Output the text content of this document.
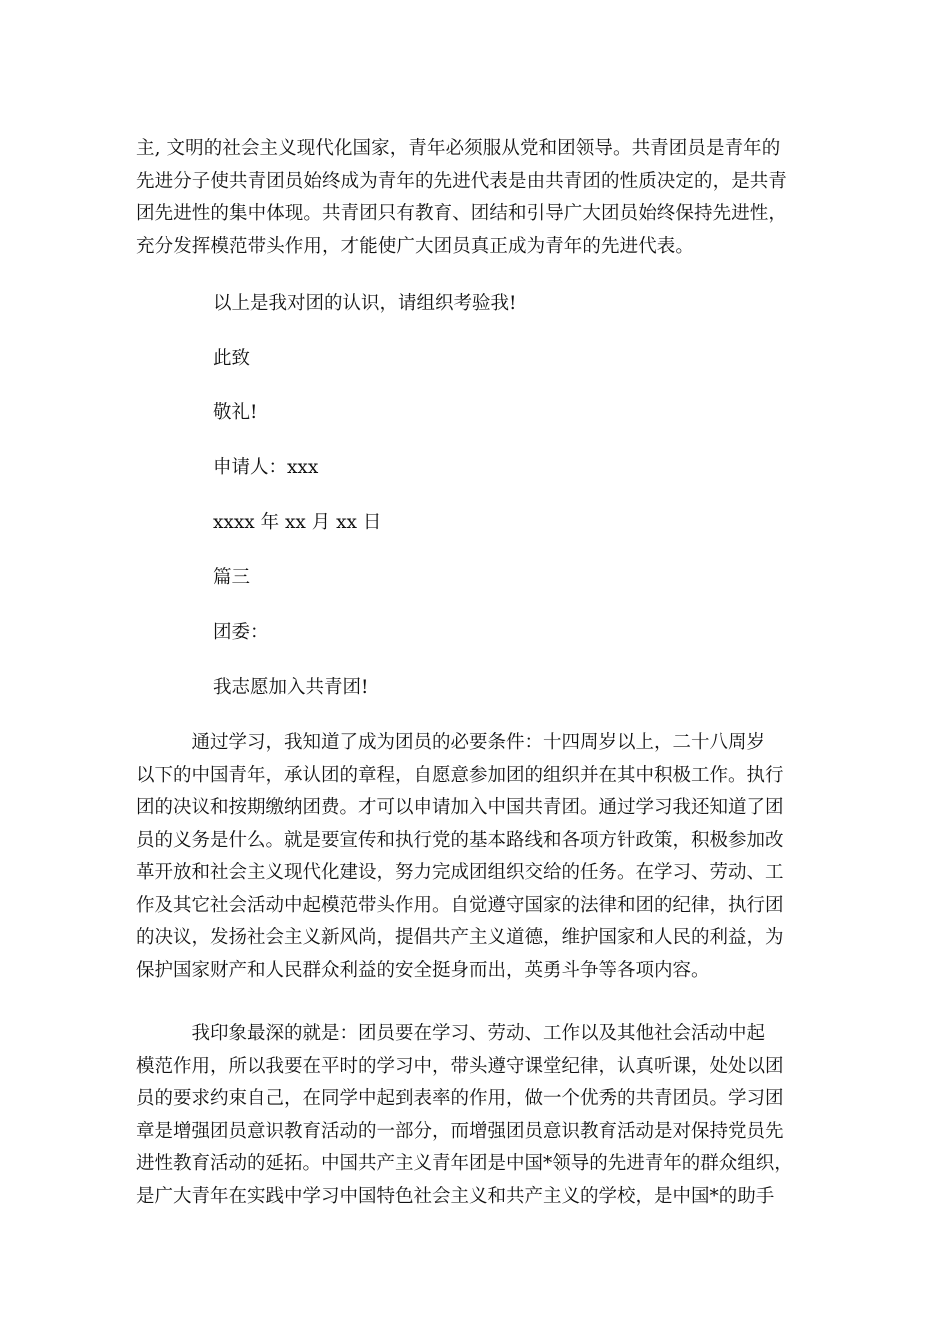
主, 文明的社会主义现代化国家，青年必须服从党和团领导。共青团员是青年的
先进分子使共青团员始终成为青年的先进代表是由共青团的性质决定的，是共青
团先进性的集中体现。共青团只有教育、团结和引导广大团员始终保持先进性，
充分发挥模范带头作用，才能使广大团员真正成为青年的先进代表。

以上是我对团的认识，请组织考验我!

此致

敬礼!

申请人：xxx

xxxx 年 xx 月 xx 日

篇三

团委：

我志愿加入共青团!

　　　通过学习，我知道了成为团员的必要条件：十四周岁以上，二十八周岁
以下的中国青年，承认团的章程，自愿意参加团的组织并在其中积极工作。执行
团的决议和按期缴纳团费。才可以申请加入中国共青团。通过学习我还知道了团
员的义务是什么。就是要宣传和执行党的基本路线和各项方针政策，积极参加改
革开放和社会主义现代化建设，努力完成团组织交给的任务。在学习、劳动、工
作及其它社会活动中起模范带头作用。自觉遵守国家的法律和团的纪律，执行团
的决议，发扬社会主义新风尚，提倡共产主义道德，维护国家和人民的利益，为
保护国家财产和人民群众利益的安全挺身而出，英勇斗争等各项内容。

　　　我印象最深的就是：团员要在学习、劳动、工作以及其他社会活动中起
模范作用，所以我要在平时的学习中，带头遵守课堂纪律，认真听课，处处以团
员的要求约束自己，在同学中起到表率的作用，做一个优秀的共青团员。学习团
章是增强团员意识教育活动的一部分，而增强团员意识教育活动是对保持党员先
进性教育活动的延拓。中国共产主义青年团是中国*领导的先进青年的群众组织，
是广大青年在实践中学习中国特色社会主义和共产主义的学校，是中国*的助手
